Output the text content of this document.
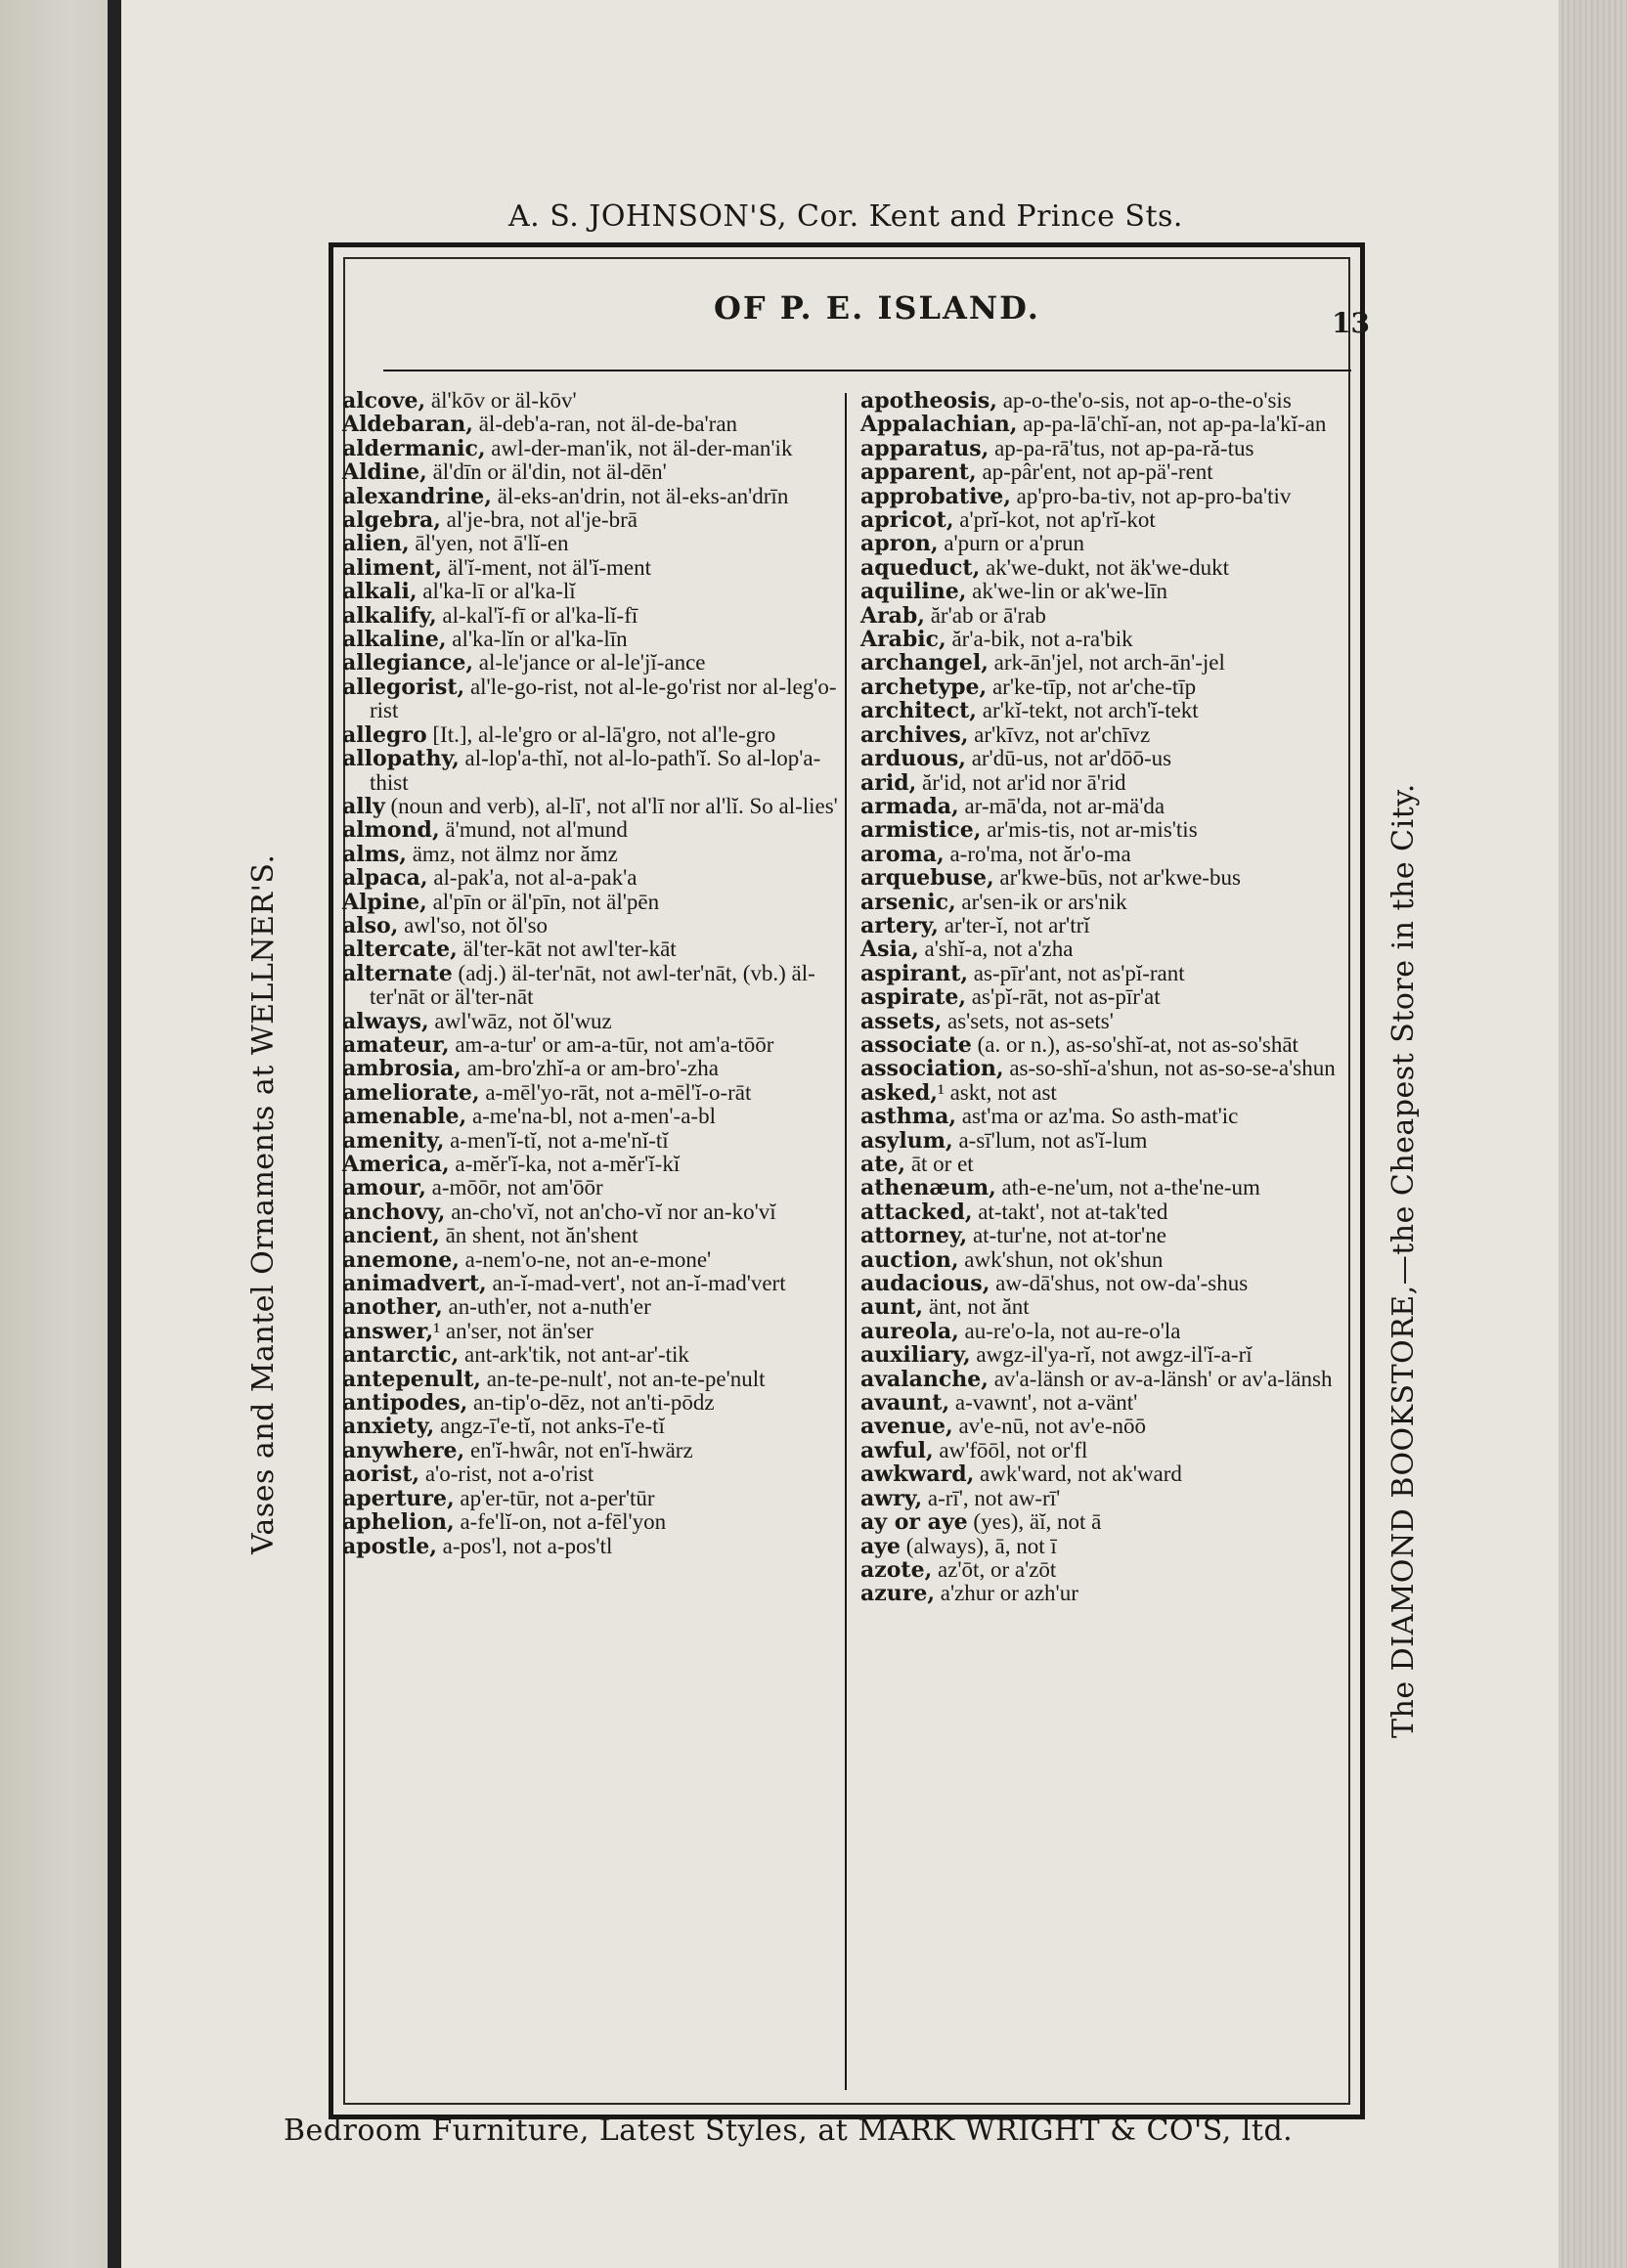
A. S. JOHNSON'S, Cor. Kent and Prince Sts.
Vases and Mantel Ornaments at WELLNER'S.	The DIAMOND BOOKSTORE,—the Cheapest Store in the City.
OF P. E. ISLAND.	13

alcove, äl'kōv or äl-kōv'

Aldebaran, äl-deb'a-ran, not äl-de-ba'ran

aldermanic, awl-der-man'ik, not äl-der-man'ik

Aldine, äl'dīn or äl'din, not äl-dēn'

alexandrine, äl-eks-an'drin, not äl-eks-an'drīn

algebra, al'je-bra, not al'je-brā

alien, āl'yen, not ā'lĭ-en

aliment, äl'ĭ-ment, not äl'ĭ-ment

alkali, al'ka-lī or al'ka-lĭ

alkalify, al-kal'ĭ-fī or al'ka-lĭ-fī

alkaline, al'ka-lĭn or al'ka-līn

allegiance, al-le'jance or al-le'jĭ-ance

allegorist, al'le-go-rist, not al-le-go'rist nor al-leg'o-rist

allegro [It.], al-le'gro or al-lā'gro, not al'le-gro

allopathy, al-lop'a-thĭ, not al-lo-path'ĭ. So al-lop'a-thist

ally (noun and verb), al-lī', not al'lī nor al'lĭ. So al-lies'

almond, ä'mund, not al'mund

alms, ämz, not älmz nor ămz

alpaca, al-pak'a, not al-a-pak'a

Alpine, al'pīn or äl'pīn, not äl'pēn

also, awl'so, not ŏl'so

altercate, äl'ter-kāt not awl'ter-kāt

alternate (adj.) äl-ter'nāt, not awl-ter'nāt, (vb.) äl-ter'nāt or äl'ter-nāt

always, awl'wāz, not ŏl'wuz

amateur, am-a-tur' or am-a-tūr, not am'a-tōōr

ambrosia, am-bro'zhĭ-a or am-bro'-zha

ameliorate, a-mēl'yo-rāt, not a-mēl'ĭ-o-rāt

amenable, a-me'na-bl, not a-men'-a-bl

amenity, a-men'ĭ-tĭ, not a-me'nĭ-tĭ

America, a-mĕr'ĭ-ka, not a-mĕr'ĭ-kĭ

amour, a-mōōr, not am'ōōr

anchovy, an-cho'vĭ, not an'cho-vĭ nor an-ko'vĭ

ancient, ān shent, not ăn'shent

anemone, a-nem'o-ne, not an-e-mone'

animadvert, an-ĭ-mad-vert', not an-ĭ-mad'vert

another, an-uth'er, not a-nuth'er

answer,¹ an'ser, not än'ser

antarctic, ant-ark'tik, not ant-ar'-tik

antepenult, an-te-pe-nult', not an-te-pe'nult

antipodes, an-tip'o-dēz, not an'ti-pōdz

anxiety, angz-ī'e-tĭ, not anks-ī'e-tĭ

anywhere, en'ĭ-hwâr, not en'ĭ-hwärz

aorist, a'o-rist, not a-o'rist

aperture, ap'er-tūr, not a-per'tūr

aphelion, a-fe'lĭ-on, not a-fēl'yon

apostle, a-pos'l, not a-pos'tl

apotheosis, ap-o-the'o-sis, not ap-o-the-o'sis

Appalachian, ap-pa-lā'chĭ-an, not ap-pa-la'kĭ-an

apparatus, ap-pa-rā'tus, not ap-pa-ră-tus

apparent, ap-pâr'ent, not ap-pä'-rent

approbative, ap'pro-ba-tiv, not ap-pro-ba'tiv

apricot, a'prĭ-kot, not ap'rĭ-kot

apron, a'purn or a'prun

aqueduct, ak'we-dukt, not äk'we-dukt

aquiline, ak'we-lin or ak'we-līn

Arab, ăr'ab or ā'rab

Arabic, ăr'a-bik, not a-ra'bik

archangel, ark-ān'jel, not arch-ān'-jel

archetype, ar'ke-tīp, not ar'che-tīp

architect, ar'kĭ-tekt, not arch'ĭ-tekt

archives, ar'kīvz, not ar'chīvz

arduous, ar'dū-us, not ar'dōō-us

arid, ăr'id, not ar'id nor ā'rid

armada, ar-mā'da, not ar-mä'da

armistice, ar'mis-tis, not ar-mis'tis

aroma, a-ro'ma, not ăr'o-ma

arquebuse, ar'kwe-būs, not ar'kwe-bus

arsenic, ar'sen-ik or ars'nik

artery, ar'ter-ĭ, not ar'trĭ

Asia, a'shĭ-a, not a'zha

aspirant, as-pīr'ant, not as'pĭ-rant

aspirate, as'pĭ-rāt, not as-pīr'at

assets, as'sets, not as-sets'

associate (a. or n.), as-so'shĭ-at, not as-so'shāt

association, as-so-shĭ-a'shun, not as-so-se-a'shun

asked,¹ askt, not ast

asthma, ast'ma or az'ma. So asth-mat'ic

asylum, a-sī'lum, not as'ĭ-lum

ate, āt or et

athenæum, ath-e-ne'um, not a-the'ne-um

attacked, at-takt', not at-tak'ted

attorney, at-tur'ne, not at-tor'ne

auction, awk'shun, not ok'shun

audacious, aw-dā'shus, not ow-da'-shus

aunt, änt, not ănt

aureola, au-re'o-la, not au-re-o'la

auxiliary, awgz-il'ya-rĭ, not awgz-il'ĭ-a-rĭ

avalanche, av'a-länsh or av-a-länsh' or av'a-länsh

avaunt, a-vawnt', not a-vänt'

avenue, av'e-nū, not av'e-nōō

awful, aw'fōōl, not or'fl

awkward, awk'ward, not ak'ward

awry, a-rī', not aw-rī'

ay or aye (yes), äĭ, not ā

aye (always), ā, not ī

azote, az'ōt, or a'zōt

azure, a'zhur or azh'ur

Bedroom Furniture, Latest Styles, at MARK WRIGHT & CO'S, ltd.
